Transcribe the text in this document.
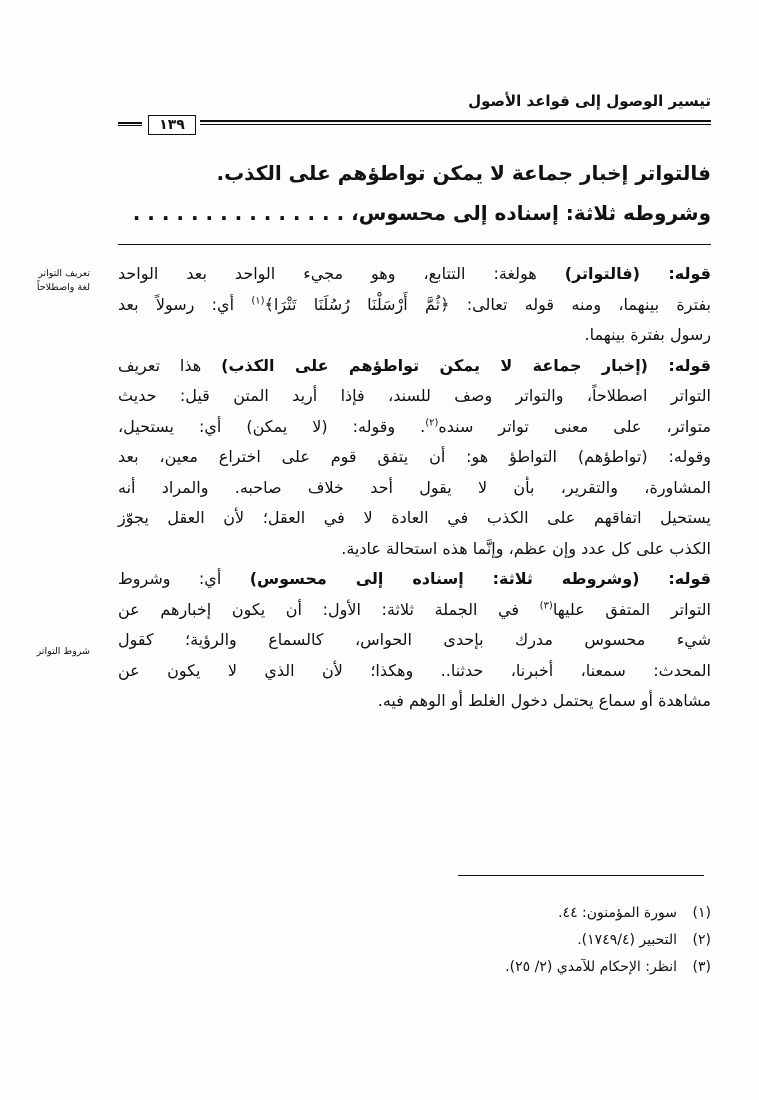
تيسير الوصول إلى قواعد الأصول
١٣٩

فالتواتر إخبار جماعة لا يمكن تواطؤهم على الكذب.

وشروطه ثلاثة: إسناده إلى محسوس، . . . . . . . . . . . . . . .

تعريف التواتر
لغة واصطلاحاً
شروط التواتر
قوله: (فالتواتر) هولغة: التتابع، وهو مجيء الواحد بعد الواحد
بفترة بينهما، ومنه قوله تعالى: ﴿ثُمَّ أَرْسَلْنَا رُسُلَنَا تَتْرَا﴾$^{(١)}$ أي: رسولاً بعد
رسول بفترة بينهما.
قوله: (إخبار جماعة لا يمكن تواطؤهم على الكذب) هذا تعريف
التواتر اصطلاحاً، والتواتر وصف للسند، فإذا أريد المتن قيل: حديث
متواتر، على معنى تواتر سنده$^{(٢)}$. وقوله: (لا يمكن) أي: يستحيل،
وقوله: (تواطؤهم) التواطؤ هو: أن يتفق قوم على اختراع معين، بعد
المشاورة، والتقرير، بأن لا يقول أحد خلاف صاحبه. والمراد أنه
يستحيل اتفاقهم على الكذب في العادة لا في العقل؛ لأن العقل يجوّز
الكذب على كل عدد وإن عظم، وإنَّما هذه استحالة عادية.
قوله: (وشروطه ثلاثة: إسناده إلى محسوس) أي: وشروط
التواتر المتفق عليها$^{(٣)}$ في الجملة ثلاثة: الأول: أن يكون إخبارهم عن
شيء محسوس مدرك بإحدى الحواس، كالسماع والرؤية؛ كقول
المحدث: سمعنا، أخبرنا، حدثنا.. وهكذا؛ لأن الذي لا يكون عن
مشاهدة أو سماع يحتمل دخول الغلط أو الوهم فيه.
(١)سورة المؤمنون: ٤٤.
(٢)التحبير (١٧٤٩/٤).
(٣)انظر: الإحكام للآمدي (٢/ ٢٥).
